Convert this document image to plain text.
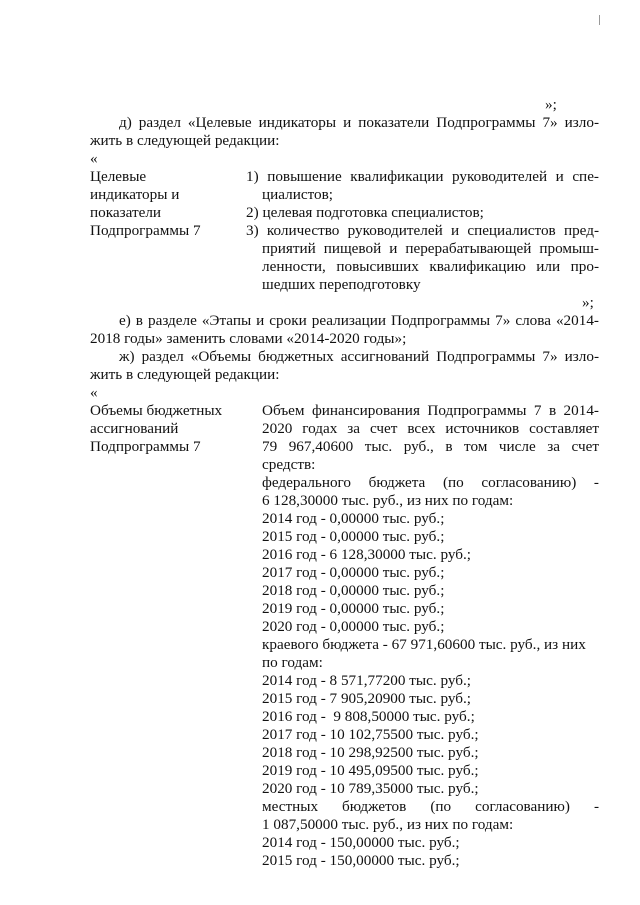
»;
д) раздел «Целевые индикаторы и показатели Подпрограммы 7» изло-
жить в следующей редакции:
«
Целевые
индикаторы и
показатели
Подпрограммы 7
1) повышение квалификации руководителей и спе-
циалистов;
2) целевая подготовка специалистов;
3) количество руководителей и специалистов пред-
приятий пищевой и перерабатывающей промыш-
ленности, повысивших квалификацию или про-
шедших переподготовку
»;
е) в разделе «Этапы и сроки реализации Подпрограммы 7» слова «2014-
2018 годы» заменить словами «2014-2020 годы»;
ж) раздел «Объемы бюджетных ассигнований Подпрограммы 7» изло-
жить в следующей редакции:
«
Объемы бюджетных
ассигнований
Подпрограммы 7
Объем финансирования Подпрограммы 7 в 2014-
2020 годах за счет всех источников составляет
79 967,40600 тыс. руб., в том числе за счет
средств:
федерального бюджета (по согласованию) -
6 128,30000 тыс. руб., из них по годам:
2014 год - 0,00000 тыс. руб.;
2015 год - 0,00000 тыс. руб.;
2016 год - 6 128,30000 тыс. руб.;
2017 год - 0,00000 тыс. руб.;
2018 год - 0,00000 тыс. руб.;
2019 год - 0,00000 тыс. руб.;
2020 год - 0,00000 тыс. руб.;
краевого бюджета - 67 971,60600 тыс. руб., из них
по годам:
2014 год - 8 571,77200 тыс. руб.;
2015 год - 7 905,20900 тыс. руб.;
2016 год -  9 808,50000 тыс. руб.;
2017 год - 10 102,75500 тыс. руб.;
2018 год - 10 298,92500 тыс. руб.;
2019 год - 10 495,09500 тыс. руб.;
2020 год - 10 789,35000 тыс. руб.;
местных бюджетов (по согласованию) -
1 087,50000 тыс. руб., из них по годам:
2014 год - 150,00000 тыс. руб.;
2015 год - 150,00000 тыс. руб.;
